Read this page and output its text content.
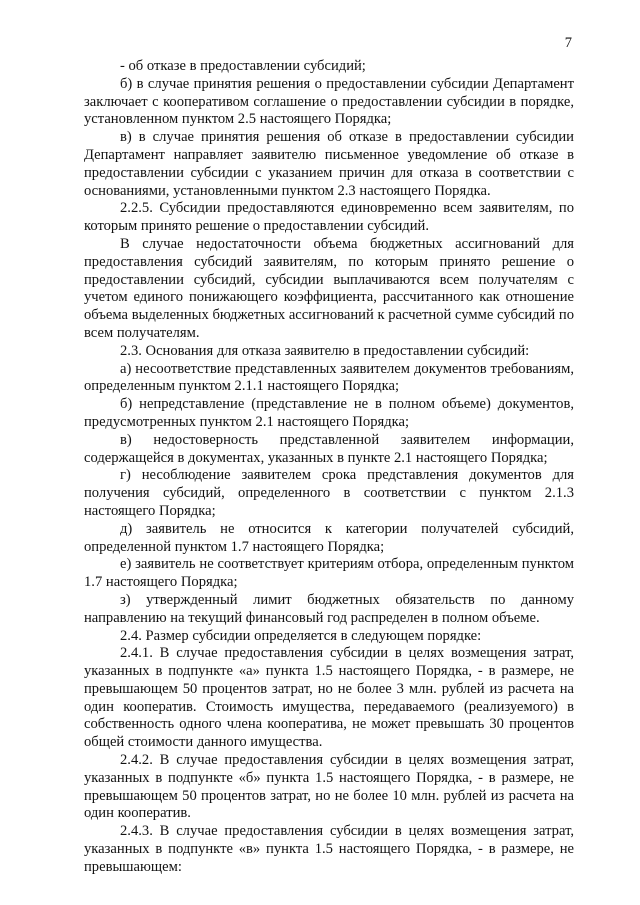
7

- об отказе в предоставлении субсидий;

б) в случае принятия решения о предоставлении субсидии Департамент заключает с кооперативом соглашение о предоставлении субсидии в порядке, установленном пунктом 2.5 настоящего Порядка;

в) в случае принятия решения об отказе в предоставлении субсидии Департамент направляет заявителю письменное уведомление об отказе в предоставлении субсидии с указанием причин для отказа в соответствии с основаниями, установленными пунктом 2.3 настоящего Порядка.

2.2.5. Субсидии предоставляются единовременно всем заявителям, по которым принято решение о предоставлении субсидий.

В случае недостаточности объема бюджетных ассигнований для предоставления субсидий заявителям, по которым принято решение о предоставлении субсидий, субсидии выплачиваются всем получателям с учетом единого понижающего коэффициента, рассчитанного как отношение объема выделенных бюджетных ассигнований к расчетной сумме субсидий по всем получателям.

2.3. Основания для отказа заявителю в предоставлении субсидий:

а) несоответствие представленных заявителем документов требованиям, определенным пунктом 2.1.1 настоящего Порядка;

б) непредставление (представление не в полном объеме) документов, предусмотренных пунктом 2.1 настоящего Порядка;

в) недостоверность представленной заявителем информации, содержащейся в документах, указанных в пункте 2.1 настоящего Порядка;

г) несоблюдение заявителем срока представления документов для получения субсидий, определенного в соответствии с пунктом 2.1.3 настоящего Порядка;

д) заявитель не относится к категории получателей субсидий, определенной пунктом 1.7 настоящего Порядка;

е) заявитель не соответствует критериям отбора, определенным пунктом 1.7 настоящего Порядка;

з) утвержденный лимит бюджетных обязательств по данному направлению на текущий финансовый год распределен в полном объеме.

2.4. Размер субсидии определяется в следующем порядке:

2.4.1. В случае предоставления субсидии в целях возмещения затрат, указанных в подпункте «а» пункта 1.5 настоящего Порядка, - в размере, не превышающем 50 процентов затрат, но не более 3 млн. рублей из расчета на один кооператив. Стоимость имущества, передаваемого (реализуемого) в собственность одного члена кооператива, не может превышать 30 процентов общей стоимости данного имущества.

2.4.2. В случае предоставления субсидии в целях возмещения затрат, указанных в подпункте «б» пункта 1.5 настоящего Порядка, - в размере, не превышающем 50 процентов затрат, но не более 10 млн. рублей из расчета на один кооператив.

2.4.3. В случае предоставления субсидии в целях возмещения затрат, указанных в подпункте «в» пункта 1.5 настоящего Порядка, - в размере, не превышающем:
